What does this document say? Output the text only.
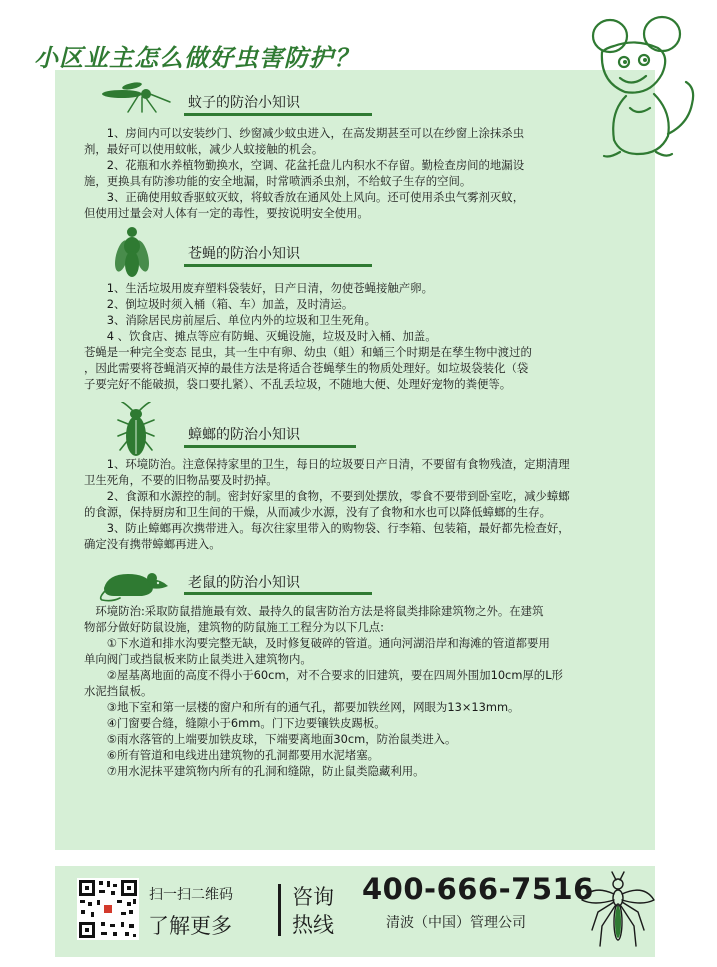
小区业主怎么做好虫害防护？
蚊子的防治小知识

　　1、房间内可以安装纱门、纱窗减少蚊虫进入，在高发期甚至可以在纱窗上涂抹杀虫

剂，最好可以使用蚊帐，减少人蚊接触的机会。

　　2、花瓶和水养植物勤换水，空调、花盆托盘儿内积水不存留。勤检查房间的地漏设

施，更换具有防渗功能的安全地漏，时常喷洒杀虫剂，不给蚊子生存的空间。

　　3、正确使用蚊香驱蚊灭蚊，将蚊香放在通风处上风向。还可使用杀虫气雾剂灭蚊，

但使用过量会对人体有一定的毒性，要按说明安全使用。

苍蝇的防治小知识

　　1、生活垃圾用废弃塑料袋装好，日产日清，勿使苍蝇接触产卵。

　　2、倒垃圾时须入桶（箱、车）加盖，及时清运。

　　3、消除居民房前屋后、单位内外的垃圾和卫生死角。

　　4 、饮食店、摊点等应有防蝇、灭蝇设施，垃圾及时入桶、加盖。

苍蝇是一种完全变态 昆虫，其一生中有卵、幼虫（蛆）和蛹三个时期是在孳生物中渡过的

，因此需要将苍蝇消灭掉的最佳方法是将适合苍蝇孳生的物质处理好。如垃圾袋装化（袋

子要完好不能破损，袋口要扎紧）、不乱丢垃圾，不随地大便、处理好宠物的粪便等。

蟑螂的防治小知识

　　1、环境防治。注意保持家里的卫生，每日的垃圾要日产日清，不要留有食物残渣，定期清理

卫生死角，不要的旧物品要及时扔掉。

　　2、食源和水源控的制。密封好家里的食物，不要到处摆放，零食不要带到卧室吃，减少蟑螂

的食源，保持厨房和卫生间的干燥，从而减少水源，没有了食物和水也可以降低蟑螂的生存。

　　3、防止蟑螂再次携带进入。每次往家里带入的购物袋、行李箱、包装箱，最好都先检查好，

确定没有携带蟑螂再进入。

老鼠的防治小知识

　环境防治:采取防鼠措施最有效、最持久的鼠害防治方法是将鼠类排除建筑物之外。在建筑

物部分做好防鼠设施，建筑物的防鼠施工工程分为以下几点:

　　①下水道和排水沟要完整无缺，及时修复破碎的管道。通向河湖沿岸和海滩的管道都要用

单向阀门或挡鼠板来防止鼠类进入建筑物内。

　　②屋基离地面的高度不得小于60cm，对不合要求的旧建筑，要在四周外围加10cm厚的L形

水泥挡鼠板。

　　③地下室和第一层楼的窗户和所有的通气孔，都要加铁丝网，网眼为13×13mm。

　　④门窗要合缝，缝隙小于6mm。门下边要镶铁皮踢板。

　　⑤雨水落管的上端要加铁皮球，下端要离地面30cm，防治鼠类进入。

　　⑥所有管道和电线进出建筑物的孔洞都要用水泥堵塞。

　　⑦用水泥抹平建筑物内所有的孔洞和缝隙，防止鼠类隐藏利用。

扫一扫二维码
了解更多
咨询
热线
400-666-7516
清波（中国）管理公司
